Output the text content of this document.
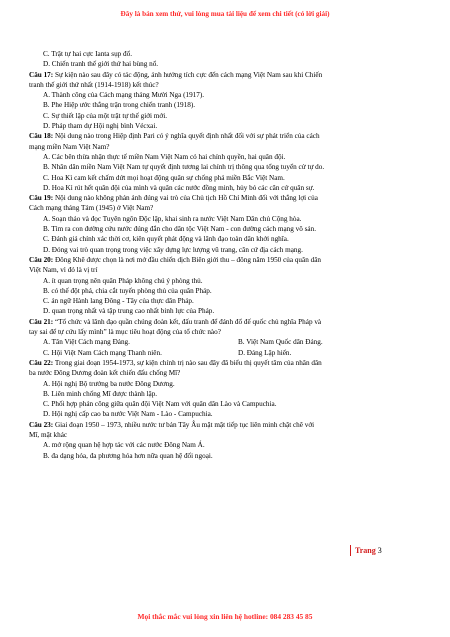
Đây là bản xem thử, vui lòng mua tài liệu để xem chi tiết (có lời giải)
C. Trật tự hai cực Ianta sụp đổ.
D. Chiến tranh thế giới thứ hai bùng nổ.
Câu 17: Sự kiện nào sau đây có tác động, ảnh hưởng tích cực đến cách mạng Việt Nam sau khi Chiến
tranh thế giới thứ nhất (1914-1918) kết thúc?
A. Thành công của Cách mạng tháng Mười Nga (1917).
B. Phe Hiệp ước thắng trận trong chiến tranh (1918).
C. Sự thiết lập của một trật tự thế giới mới.
D. Pháp tham dự Hội nghị bình Vécxai.
Câu 18: Nội dung nào trong Hiệp định Pari có ý nghĩa quyết định nhất đối với sự phát triển của cách
mạng miền Nam Việt Nam?
A. Các bên thừa nhận thực tế miền Nam Việt Nam có hai chính quyền, hai quân đội.
B. Nhân dân miền Nam Việt Nam tự quyết định tương lai chính trị thông qua tổng tuyển cử tự do.
C. Hoa Kì cam kết chấm dứt mọi hoạt động quân sự chống phá miền Bắc Việt Nam.
D. Hoa Kì rút hết quân đội của mình và quân các nước đồng minh, hủy bỏ các căn cứ quân sự.
Câu 19: Nội dung nào không phản ánh đúng vai trò của Chủ tịch Hồ Chí Minh đối với thắng lợi của
Cách mạng tháng Tám (1945) ở Việt Nam?
A. Soạn thảo và đọc Tuyên ngôn Độc lập, khai sinh ra nước Việt Nam Dân chủ Cộng hòa.
B. Tìm ra con đường cứu nước đúng đắn cho dân tộc Việt Nam - con đường cách mạng vô sản.
C. Đánh giá chính xác thời cơ, kiên quyết phát động và lãnh đạo toàn dân khởi nghĩa.
D. Đóng vai trò quan trọng trong việc xây dựng lực lượng vũ trang, căn cứ địa cách mạng.
Câu 20: Đông Khê được chọn là nơi mở đầu chiến dịch Biên giới thu – đông năm 1950 của quân dân
Việt Nam, vì đó là vị trí
A. ít quan trọng nên quân Pháp không chú ý phòng thủ.
B. có thế đột phá, chia cắt tuyến phòng thủ của quân Pháp.
C. án ngữ Hành lang Đông - Tây của thực dân Pháp.
D. quan trọng nhất và tập trung cao nhất binh lực của Pháp.
Câu 21: “Tổ chức và lãnh đạo quần chúng đoàn kết, đấu tranh để đánh đổ đế quốc chủ nghĩa Pháp và
tay sai để tự cứu lấy mình” là mục tiêu hoạt động của tổ chức nào?
A. Tân Việt Cách mạng Đảng.	B. Việt Nam Quốc dân Đảng.
C. Hội Việt Nam Cách mạng Thanh niên.	D. Đảng Lập hiến.
Câu 22: Trong giai đoạn 1954-1973, sự kiện chính trị nào sau đây đã biểu thị quyết tâm của nhân dân
ba nước Đông Dương đoàn kết chiến đấu chống Mĩ?
A. Hội nghị Bộ trưởng ba nước Đông Dương.
B. Liên minh chống Mĩ được thành lập.
C. Phối hợp phản công giữa quân đội Việt Nam với quân dân Lào và Campuchia.
D. Hội nghị cấp cao ba nước Việt Nam - Lào - Campuchia.
Câu 23: Giai đoạn 1950 – 1973, nhiều nước tư bản Tây Âu mặt mặt tiếp tục liên minh chặt chẽ với
Mĩ, mặt khác
A. mở rộng quan hệ hợp tác với các nước Đông Nam Á.
B. đa dạng hóa, đa phương hóa hơn nữa quan hệ đối ngoại.
Trang 3
Mọi thắc mắc vui lòng xin liên hệ hotline: 084 283 45 85
